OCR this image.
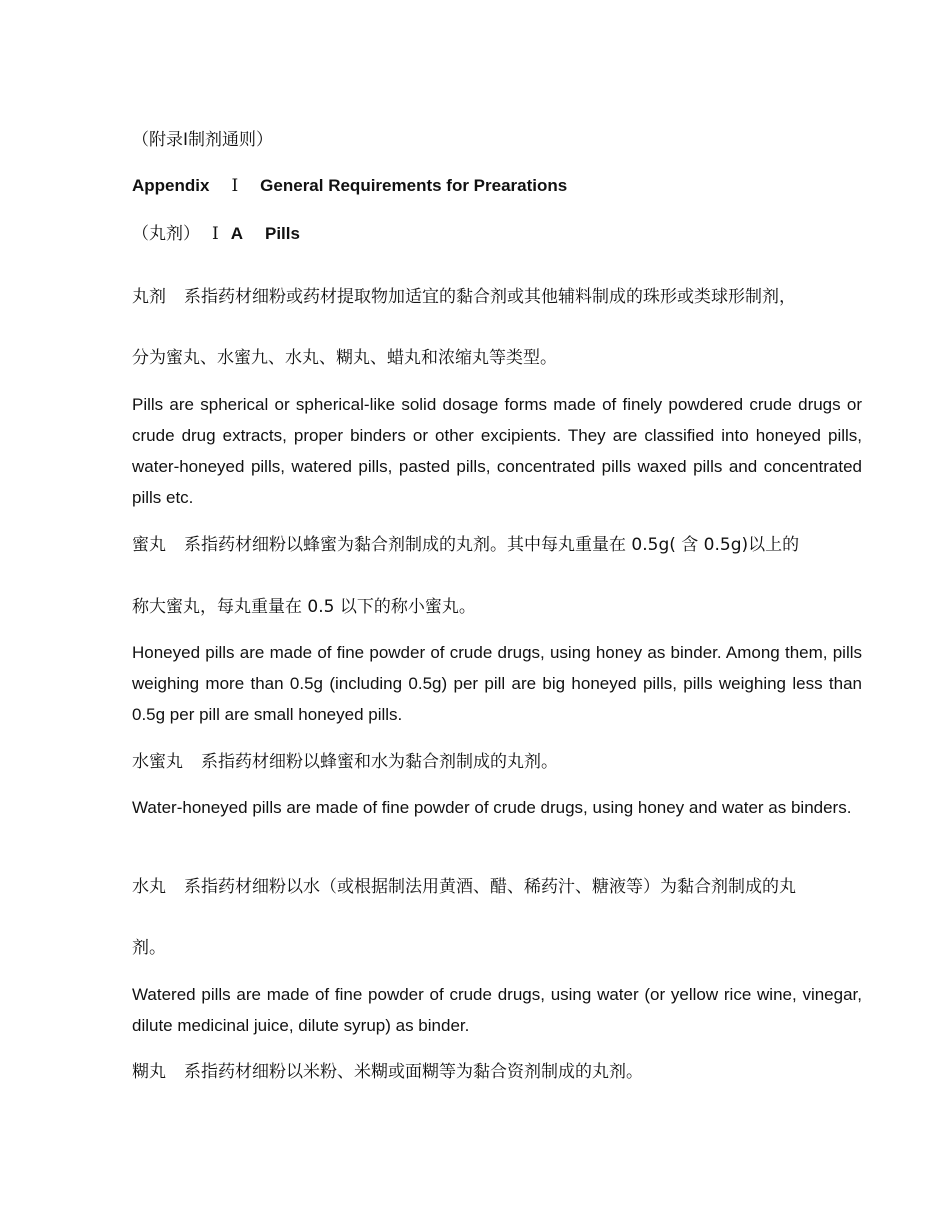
（附录Ⅰ制剂通则）

Appendix Ⅰ General Requirements for Prearations

（丸剂） Ⅰ A Pills

丸剂 系指药材细粉或药材提取物加适宜的黏合剂或其他辅料制成的珠形或类球形制剂，

分为蜜丸、水蜜九、水丸、糊丸、蜡丸和浓缩丸等类型。

Pills are spherical or spherical-like solid dosage forms made of finely powdered crude drugs or crude drug extracts, proper binders or other excipients. They are classified into honeyed pills, water-honeyed pills, watered pills, pasted pills, concentrated pills waxed pills and concentrated pills etc.

蜜丸 系指药材细粉以蜂蜜为黏合剂制成的丸剂。其中每丸重量在 0.5g( 含 0.5g)以上的

称大蜜丸，每丸重量在 0.5 以下的称小蜜丸。

Honeyed pills are made of fine powder of crude drugs, using honey as binder. Among them, pills weighing more than 0.5g (including 0.5g) per pill are big honeyed pills, pills weighing less than 0.5g per pill are small honeyed pills.

水蜜丸 系指药材细粉以蜂蜜和水为黏合剂制成的丸剂。

Water-honeyed pills are made of fine powder of crude drugs, using honey and water as binders.

水丸 系指药材细粉以水（或根据制法用黄酒、醋、稀药汁、糖液等）为黏合剂制成的丸

剂。

Watered pills are made of fine powder of crude drugs, using water (or yellow rice wine, vinegar, dilute medicinal juice, dilute syrup) as binder.

糊丸 系指药材细粉以米粉、米糊或面糊等为黏合资剂制成的丸剂。
